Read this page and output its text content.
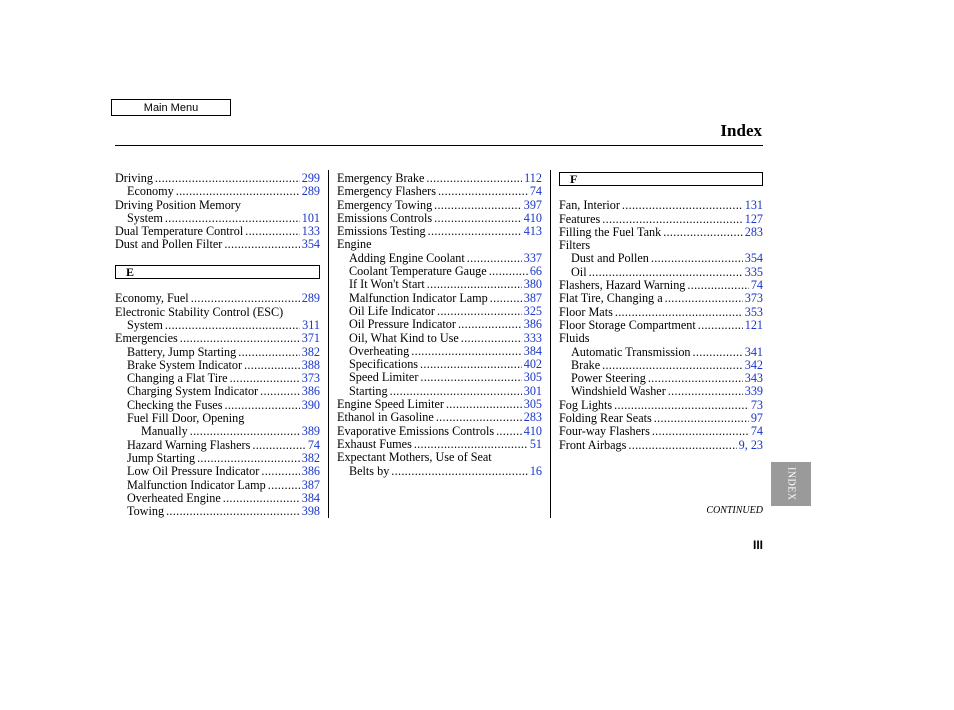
Main Menu
Index
Driving .....	299
Economy .....	289
Driving Position Memory
System .....	101
Dual Temperature Control .....	133
Dust and Pollen Filter .....	354
E
Economy, Fuel .....	289
Electronic Stability Control (ESC)
System .....	311
Emergencies .....	371
Battery, Jump Starting .....	382
Brake System Indicator .....	388
Changing a Flat Tire .....	373
Charging System Indicator .....	386
Checking the Fuses .....	390
Fuel Fill Door, Opening
Manually .....	389
Hazard Warning Flashers .....	74
Jump Starting .....	382
Low Oil Pressure Indicator .....	386
Malfunction Indicator Lamp .....	387
Overheated Engine .....	384
Towing .....	398
Emergency Brake .....	112
Emergency Flashers .....	74
Emergency Towing .....	397
Emissions Controls .....	410
Emissions Testing .....	413
Engine
Adding Engine Coolant .....	337
Coolant Temperature Gauge .....	66
If It Won't Start .....	380
Malfunction Indicator Lamp .....	387
Oil Life Indicator .....	325
Oil Pressure Indicator .....	386
Oil, What Kind to Use .....	333
Overheating .....	384
Specifications .....	402
Speed Limiter .....	305
Starting .....	301
Engine Speed Limiter .....	305
Ethanol in Gasoline .....	283
Evaporative Emissions Controls ..... 410
Exhaust Fumes .....	51
Expectant Mothers, Use of Seat
Belts by .....	16
F
Fan, Interior .....	131
Features .....	127
Filling the Fuel Tank .....	283
Filters
Dust and Pollen .....	354
Oil .....	335
Flashers, Hazard Warning .....	74
Flat Tire, Changing a .....	373
Floor Mats .....	353
Floor Storage Compartment .....	121
Fluids
Automatic Transmission .....	341
Brake .....	342
Power Steering .....	343
Windshield Washer .....	339
Fog Lights .....	73
Folding Rear Seats .....	97
Four-way Flashers .....	74
Front Airbags .....	9, 23
CONTINUED
III
INDEX
